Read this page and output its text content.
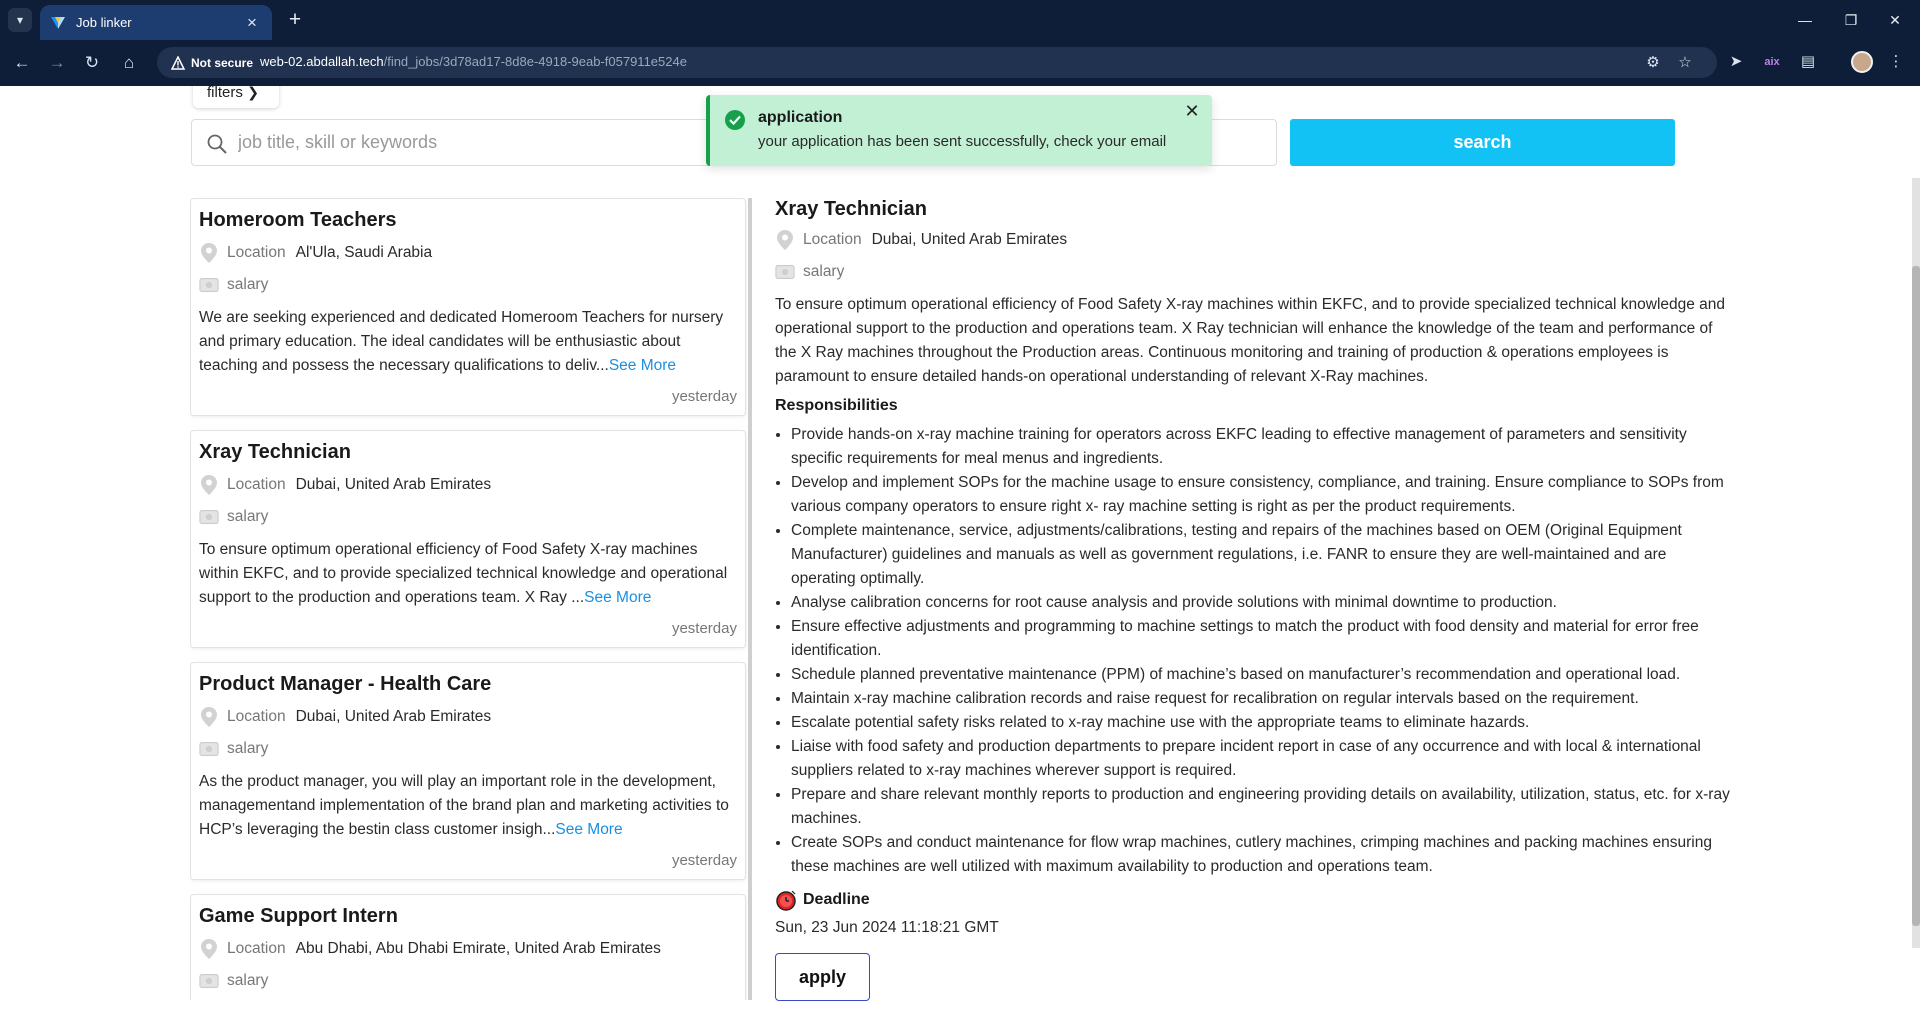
▾	Job linker	× +	—	❐	✕
← → ↻	⌂	Not secure web-02.abdallah.tech/find_jobs/3d78ad17-8d8e-4918-9eab-f057911e524e	⚙ ☆	➤	aix	▤	⋮
filters ❯
job title, skill or keywords
search
application
your application has been sent successfully, check your email
✕
Homeroom Teachers
Location Al'Ula, Saudi Arabia
salary
We are seeking experienced and dedicated Homeroom Teachers for nursery and primary education. The ideal candidates will be enthusiastic about teaching and possess the necessary qualifications to deliv...See More
yesterday
Xray Technician
Location Dubai, United Arab Emirates
salary
To ensure optimum operational efficiency of Food Safety X-ray machines within EKFC, and to provide specialized technical knowledge and operational support to the production and operations team. X Ray ...See More
yesterday
Product Manager - Health Care
Location Dubai, United Arab Emirates
salary
As the product manager, you will play an important role in the development, managementand implementation of the brand plan and marketing activities to HCP’s leveraging the bestin class customer insigh...See More
yesterday
Game Support Intern
Location Abu Dhabi, Abu Dhabi Emirate, United Arab Emirates
salary
Xray Technician
Location Dubai, United Arab Emirates
salary
To ensure optimum operational efficiency of Food Safety X-ray machines within EKFC, and to provide specialized technical knowledge and operational support to the production and operations team. X Ray technician will enhance the knowledge of the team and performance of the X Ray machines throughout the Production areas. Continuous monitoring and training of production & operations employees is paramount to ensure detailed hands-on operational understanding of relevant X-Ray machines.
Responsibilities
• Provide hands-on x-ray machine training for operators across EKFC leading to effective management of parameters and sensitivity specific requirements for meal menus and ingredients.
• Develop and implement SOPs for the machine usage to ensure consistency, compliance, and training. Ensure compliance to SOPs from various company operators to ensure right x- ray machine setting is right as per the product requirements.
• Complete maintenance, service, adjustments/calibrations, testing and repairs of the machines based on OEM (Original Equipment Manufacturer) guidelines and manuals as well as government regulations, i.e. FANR to ensure they are well-maintained and are operating optimally.
• Analyse calibration concerns for root cause analysis and provide solutions with minimal downtime to production.
• Ensure effective adjustments and programming to machine settings to match the product with food density and material for error free identification.
• Schedule planned preventative maintenance (PPM) of machine’s based on manufacturer’s recommendation and operational load.
• Maintain x-ray machine calibration records and raise request for recalibration on regular intervals based on the requirement.
• Escalate potential safety risks related to x-ray machine use with the appropriate teams to eliminate hazards.
• Liaise with food safety and production departments to prepare incident report in case of any occurrence and with local & international suppliers related to x-ray machines wherever support is required.
• Prepare and share relevant monthly reports to production and engineering providing details on availability, utilization, status, etc. for x-ray machines.
• Create SOPs and conduct maintenance for flow wrap machines, cutlery machines, crimping machines and packing machines ensuring these machines are well utilized with maximum availability to production and operations team.
Deadline
Sun, 23 Jun 2024 11:18:21 GMT
apply
